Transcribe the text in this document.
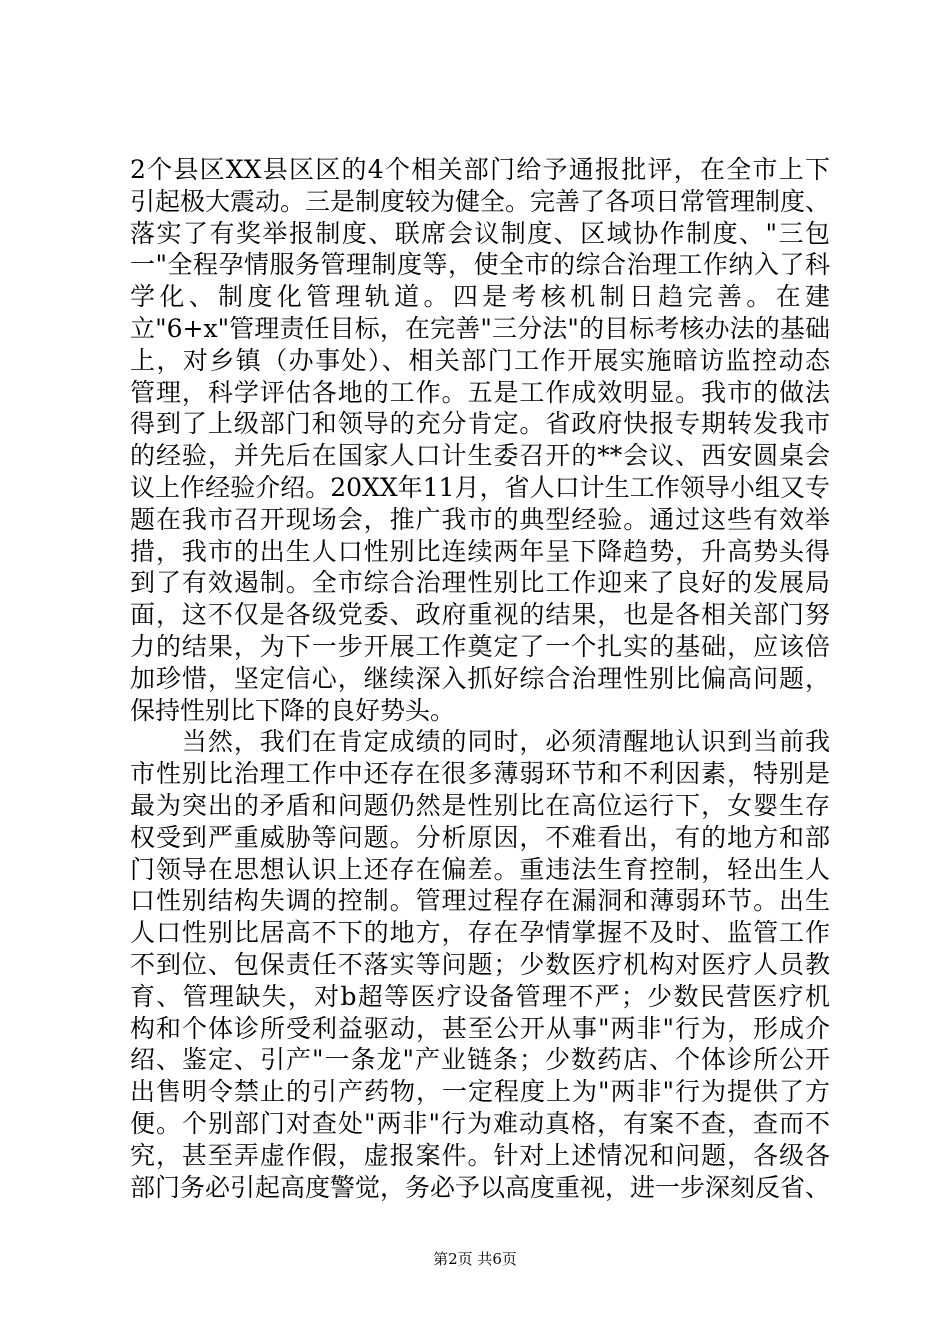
2个县区XX县区区的4个相关部门给予通报批评，在全市上下
引起极大震动。三是制度较为健全。完善了各项日常管理制度、
落实了有奖举报制度、联席会议制度、区域协作制度、"三包
一"全程孕情服务管理制度等，使全市的综合治理工作纳入了科
学化、制度化管理轨道。四是考核机制日趋完善。在建
立"6+x"管理责任目标，在完善"三分法"的目标考核办法的基础
上，对乡镇（办事处）、相关部门工作开展实施暗访监控动态
管理，科学评估各地的工作。五是工作成效明显。我市的做法
得到了上级部门和领导的充分肯定。省政府快报专期转发我市
的经验，并先后在国家人口计生委召开的**会议、西安圆桌会
议上作经验介绍。20XX年11月，省人口计生工作领导小组又专
题在我市召开现场会，推广我市的典型经验。通过这些有效举
措，我市的出生人口性别比连续两年呈下降趋势，升高势头得
到了有效遏制。全市综合治理性别比工作迎来了良好的发展局
面，这不仅是各级党委、政府重视的结果，也是各相关部门努
力的结果，为下一步开展工作奠定了一个扎实的基础，应该倍
加珍惜，坚定信心，继续深入抓好综合治理性别比偏高问题，
保持性别比下降的良好势头。
　　当然，我们在肯定成绩的同时，必须清醒地认识到当前我
市性别比治理工作中还存在很多薄弱环节和不利因素，特别是
最为突出的矛盾和问题仍然是性别比在高位运行下，女婴生存
权受到严重威胁等问题。分析原因，不难看出，有的地方和部
门领导在思想认识上还存在偏差。重违法生育控制，轻出生人
口性别结构失调的控制。管理过程存在漏洞和薄弱环节。出生
人口性别比居高不下的地方，存在孕情掌握不及时、监管工作
不到位、包保责任不落实等问题；少数医疗机构对医疗人员教
育、管理缺失，对b超等医疗设备管理不严；少数民营医疗机
构和个体诊所受利益驱动，甚至公开从事"两非"行为，形成介
绍、鉴定、引产"一条龙"产业链条；少数药店、个体诊所公开
出售明令禁止的引产药物，一定程度上为"两非"行为提供了方
便。个别部门对查处"两非"行为难动真格，有案不查，查而不
究，甚至弄虚作假，虚报案件。针对上述情况和问题，各级各
部门务必引起高度警觉，务必予以高度重视，进一步深刻反省、
第2页 共6页
